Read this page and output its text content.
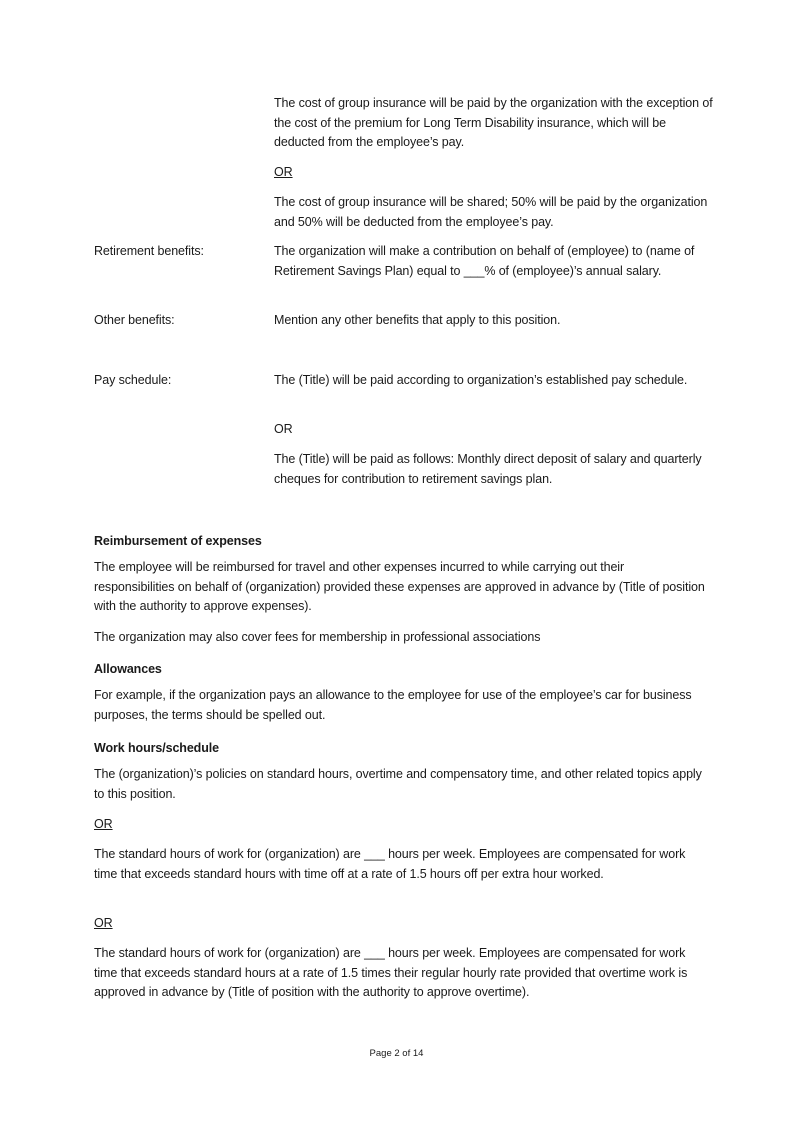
The cost of group insurance will be paid by the organization with the exception of the cost of the premium for Long Term Disability insurance, which will be deducted from the employee’s pay.

OR

The cost of group insurance will be shared; 50% will be paid by the organization and 50% will be deducted from the employee’s pay.

Retirement benefits:	The organization will make a contribution on behalf of (employee) to (name of Retirement Savings Plan) equal to ___% of (employee)’s annual salary.

Other benefits:	Mention any other benefits that apply to this position.

Pay schedule:	The (Title) will be paid according to organization’s established pay schedule.

OR

The (Title) will be paid as follows: Monthly direct deposit of salary and quarterly cheques for contribution to retirement savings plan.

Reimbursement of expenses

The employee will be reimbursed for travel and other expenses incurred to while carrying out their responsibilities on behalf of (organization) provided these expenses are approved in advance by (Title of position with the authority to approve expenses).

The organization may also cover fees for membership in professional associations

Allowances

For example, if the organization pays an allowance to the employee for use of the employee’s car for business purposes, the terms should be spelled out.

Work hours/schedule

The (organization)’s policies on standard hours, overtime and compensatory time, and other related topics apply to this position.

OR

The standard hours of work for (organization) are ___ hours per week. Employees are compensated for work time that exceeds standard hours with time off at a rate of 1.5 hours off per extra hour worked.

OR

The standard hours of work for (organization) are ___ hours per week. Employees are compensated for work time that exceeds standard hours at a rate of 1.5 times their regular hourly rate provided that overtime work is approved in advance by (Title of position with the authority to approve overtime).

Page 2 of 14
